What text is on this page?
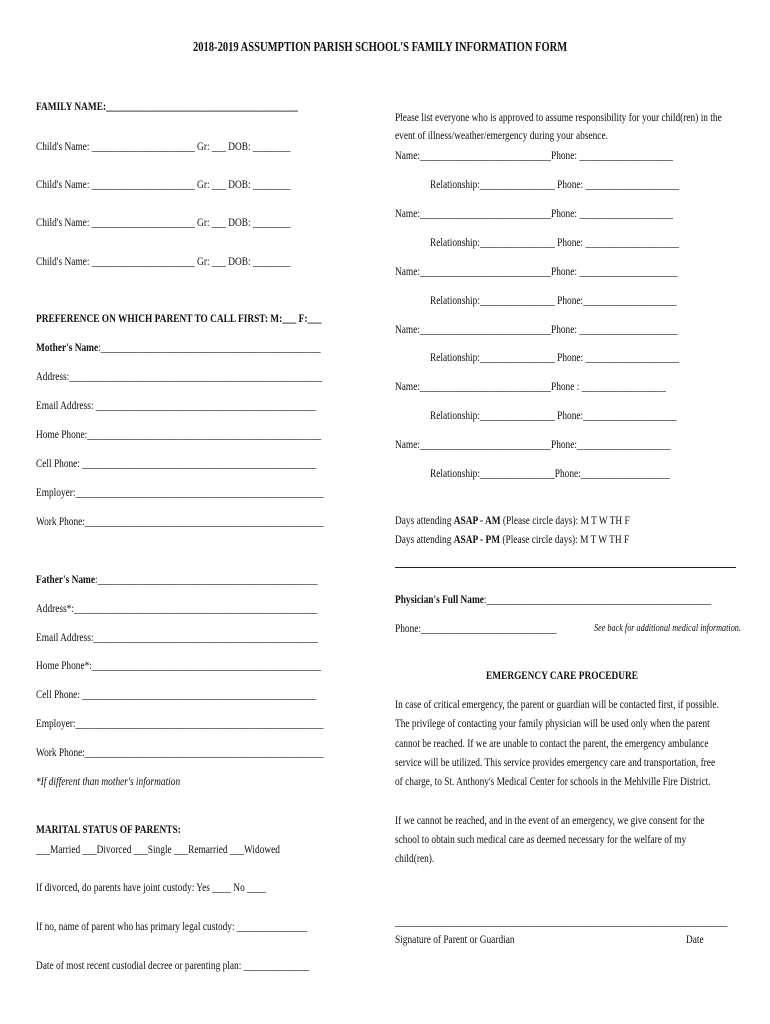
2018-2019 ASSUMPTION PARISH SCHOOL'S FAMILY INFORMATION FORM
FAMILY NAME:_________________________________________
Child's Name: ______________________ Gr: ___ DOB: ________
Child's Name: ______________________ Gr: ___ DOB: ________
Child's Name: ______________________ Gr: ___ DOB: ________
Child's Name: ______________________ Gr: ___ DOB: ________
PREFERENCE ON WHICH PARENT TO CALL FIRST: M:___ F:___
Mother's Name:_______________________________________________
Address:______________________________________________________
Email Address: _______________________________________________
Home Phone:__________________________________________________
Cell Phone: __________________________________________________
Employer:_____________________________________________________
Work Phone:___________________________________________________
Father's Name:_______________________________________________
Address*:____________________________________________________
Email Address:________________________________________________
Home Phone*:_________________________________________________
Cell Phone: __________________________________________________
Employer:_____________________________________________________
Work Phone:___________________________________________________
*If different than mother's information
MARITAL STATUS OF PARENTS:
___Married ___Divorced ___Single ___Remarried ___Widowed
If divorced, do parents have joint custody: Yes ____ No ____
If no, name of parent who has primary legal custody: _______________
Date of most recent custodial decree or parenting plan: ______________
Please list everyone who is approved to assume responsibility for your child(ren) in the
event of illness/weather/emergency during your absence.
Name:____________________________Phone: ____________________
Relationship:________________ Phone: ____________________
Name:____________________________Phone: ____________________
Relationship:________________ Phone: ____________________
Name:____________________________Phone: _____________________
Relationship:________________ Phone:____________________
Name:____________________________Phone: _____________________
Relationship:________________ Phone: ____________________
Name:____________________________Phone : __________________
Relationship:________________ Phone:____________________
Name:____________________________Phone:____________________
Relationship:________________Phone:___________________
Days attending ASAP - AM (Please circle days): M T W TH F
Days attending ASAP - PM (Please circle days): M T W TH F
Physician's Full Name:________________________________________________
Phone:_____________________________	See back for additional medical information.
EMERGENCY CARE PROCEDURE
In case of critical emergency, the parent or guardian will be contacted first, if possible.
The privilege of contacting your family physician will be used only when the parent
cannot be reached. If we are unable to contact the parent, the emergency ambulance
service will be utilized. This service provides emergency care and transportation, free
of charge, to St. Anthony's Medical Center for schools in the Mehlville Fire District.
If we cannot be reached, and in the event of an emergency, we give consent for the
school to obtain such medical care as deemed necessary for the welfare of my
child(ren).
_______________________________________________________________________
Signature of Parent or Guardian	Date
